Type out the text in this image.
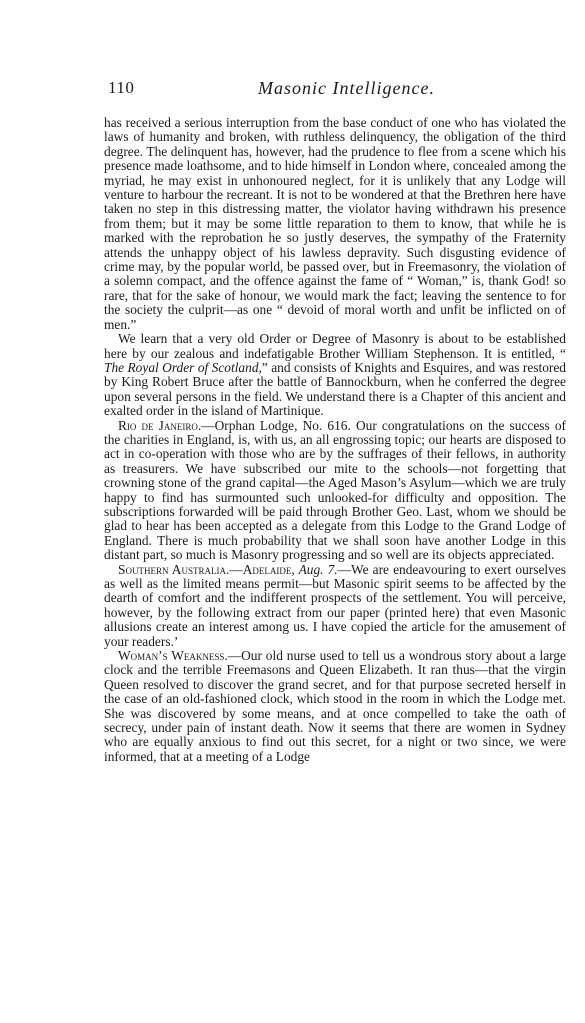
110	Masonic Intelligence.

has received a serious interruption from the base conduct of one who has violated the laws of humanity and broken, with ruthless delinquency, the obligation of the third degree. The delinquent has, however, had the prudence to flee from a scene which his presence made loathsome, and to hide himself in London where, concealed among the myriad, he may exist in unhonoured neglect, for it is unlikely that any Lodge will venture to harbour the recreant. It is not to be wondered at that the Brethren here have taken no step in this distressing matter, the violator having withdrawn his presence from them; but it may be some little reparation to them to know, that while he is marked with the reprobation he so justly deserves, the sympathy of the Fraternity attends the unhappy object of his lawless depravity. Such disgusting evidence of crime may, by the popular world, be passed over, but in Freemasonry, the violation of a solemn compact, and the offence against the fame of “ Woman,” is, thank God! so rare, that for the sake of honour, we would mark the fact; leaving the sentence to for the society the culprit—as one “ devoid of moral worth and unfit be inflicted on of men.”

We learn that a very old Order or Degree of Masonry is about to be established here by our zealous and indefatigable Brother William Stephenson. It is entitled, “ The Royal Order of Scotland,” and consists of Knights and Esquires, and was restored by King Robert Bruce after the battle of Bannockburn, when he conferred the degree upon several persons in the field. We understand there is a Chapter of this ancient and exalted order in the island of Martinique.

Rio de Janeiro.—Orphan Lodge, No. 616. Our congratulations on the success of the charities in England, is, with us, an all engrossing topic; our hearts are disposed to act in co-operation with those who are by the suffrages of their fellows, in authority as treasurers. We have subscribed our mite to the schools—not forgetting that crowning stone of the grand capital—the Aged Mason’s Asylum—which we are truly happy to find has surmounted such unlooked-for difficulty and opposition. The subscriptions forwarded will be paid through Brother Geo. Last, whom we should be glad to hear has been accepted as a delegate from this Lodge to the Grand Lodge of England. There is much probability that we shall soon have another Lodge in this distant part, so much is Masonry progressing and so well are its objects appreciated.

Southern Australia.—Adelaide, Aug. 7.—We are endeavouring to exert ourselves as well as the limited means permit—but Masonic spirit seems to be affected by the dearth of comfort and the indifferent prospects of the settlement. You will perceive, however, by the following extract from our paper (printed here) that even Masonic allusions create an interest among us. I have copied the article for the amusement of your readers.’

Woman’s Weakness.—Our old nurse used to tell us a wondrous story about a large clock and the terrible Freemasons and Queen Elizabeth. It ran thus—that the virgin Queen resolved to discover the grand secret, and for that purpose secreted herself in the case of an old-fashioned clock, which stood in the room in which the Lodge met. She was discovered by some means, and at once compelled to take the oath of secrecy, under pain of instant death. Now it seems that there are women in Sydney who are equally anxious to find out this secret, for a night or two since, we were informed, that at a meeting of a Lodge
